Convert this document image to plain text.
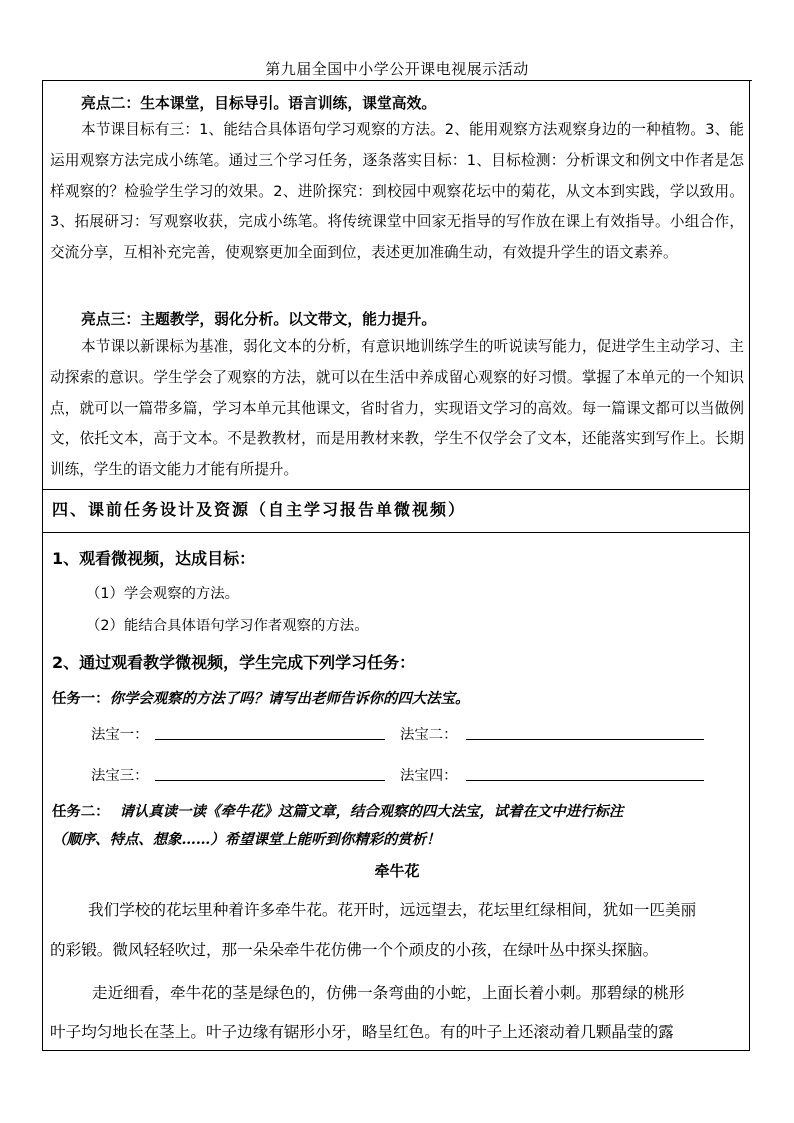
第九届全国中小学公开课电视展示活动
亮点二：生本课堂，目标导引。语言训练，课堂高效。

本节课目标有三：1、能结合具体语句学习观察的方法。2、能用观察方法观察身边的一种植物。3、能运用观察方法完成小练笔。通过三个学习任务，逐条落实目标：1、目标检测：分析课文和例文中作者是怎样观察的？检验学生学习的效果。2、进阶探究：到校园中观察花坛中的菊花，从文本到实践，学以致用。3、拓展研习：写观察收获，完成小练笔。将传统课堂中回家无指导的写作放在课上有效指导。小组合作，交流分享，互相补充完善，使观察更加全面到位，表述更加准确生动，有效提升学生的语文素养。

亮点三：主题教学，弱化分析。以文带文，能力提升。

本节课以新课标为基准，弱化文本的分析，有意识地训练学生的听说读写能力，促进学生主动学习、主动探索的意识。学生学会了观察的方法，就可以在生活中养成留心观察的好习惯。掌握了本单元的一个知识点，就可以一篇带多篇，学习本单元其他课文，省时省力，实现语文学习的高效。每一篇课文都可以当做例文，依托文本，高于文本。不是教教材，而是用教材来教，学生不仅学会了文本，还能落实到写作上。长期训练，学生的语文能力才能有所提升。

四、课前任务设计及资源（自主学习报告单微视频）
1、观看微视频，达成目标：
（1）学会观察的方法。
（2）能结合具体语句学习作者观察的方法。
2、通过观看教学微视频，学生完成下列学习任务：
任务一：你学会观察的方法了吗？请写出老师告诉你的四大法宝。
法宝一：	法宝二：
法宝三：	法宝四：
任务二： 请认真读一读《牵牛花》这篇文章，结合观察的四大法宝，试着在文中进行标注
（顺序、特点、想象……）希望课堂上能听到你精彩的赏析！
牵牛花

我们学校的花坛里种着许多牵牛花。花开时，远远望去，花坛里红绿相间，犹如一匹美丽

的彩锻。微风轻轻吹过，那一朵朵牵牛花仿佛一个个顽皮的小孩，在绿叶丛中探头探脑。

走近细看，牵牛花的茎是绿色的，仿佛一条弯曲的小蛇，上面长着小刺。那碧绿的桃形

叶子均匀地长在茎上。叶子边缘有锯形小牙，略呈红色。有的叶子上还滚动着几颗晶莹的露
